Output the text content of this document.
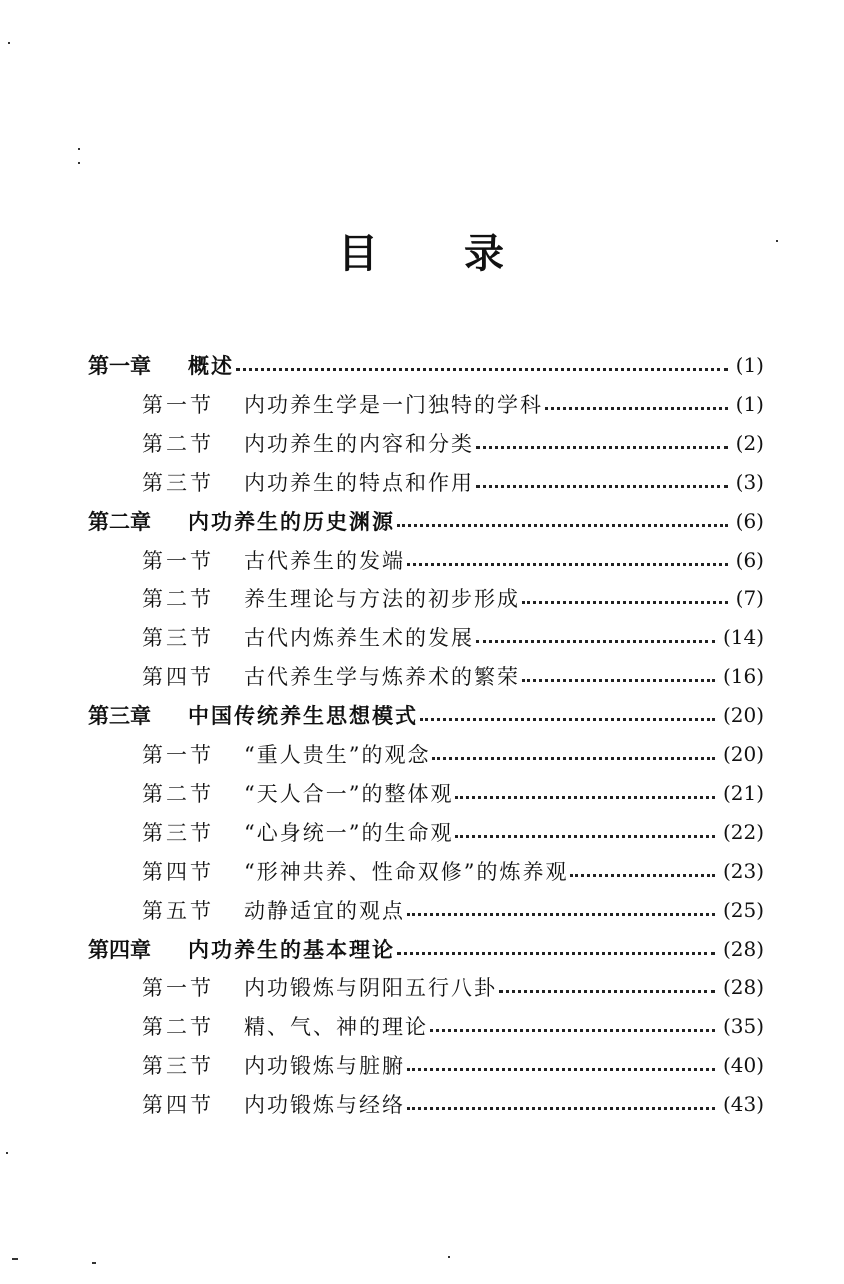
目 录
第一章	概述	(1)
第一节	内功养生学是一门独特的学科	(1)
第二节	内功养生的内容和分类	(2)
第三节	内功养生的特点和作用	(3)
第二章	内功养生的历史渊源	(6)
第一节	古代养生的发端	(6)
第二节	养生理论与方法的初步形成	(7)
第三节	古代内炼养生术的发展	(14)
第四节	古代养生学与炼养术的繁荣	(16)
第三章	中国传统养生思想模式	(20)
第一节	“重人贵生”的观念	(20)
第二节	“天人合一”的整体观	(21)
第三节	“心身统一”的生命观	(22)
第四节	“形神共养、性命双修”的炼养观	(23)
第五节	动静适宜的观点	(25)
第四章	内功养生的基本理论	(28)
第一节	内功锻炼与阴阳五行八卦	(28)
第二节	精、气、神的理论	(35)
第三节	内功锻炼与脏腑	(40)
第四节	内功锻炼与经络	(43)
